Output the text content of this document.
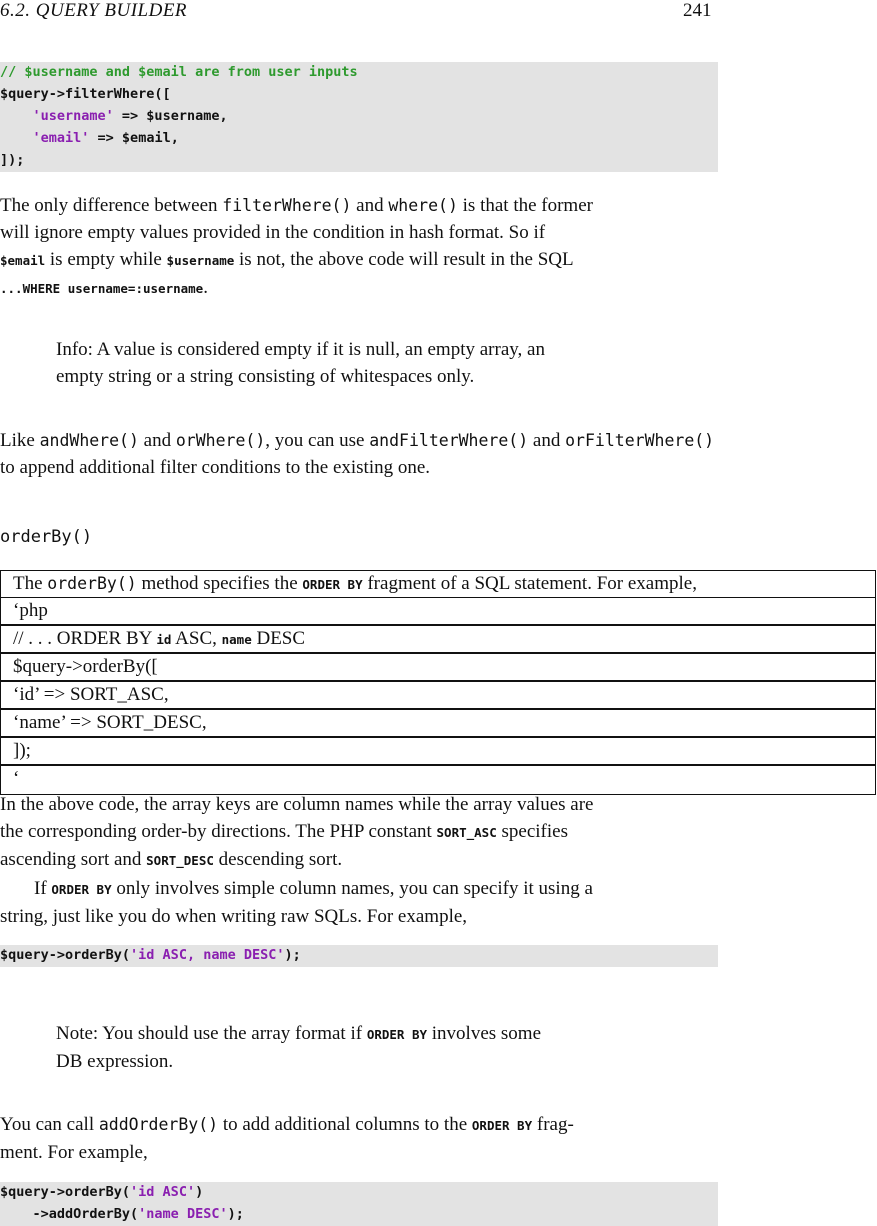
6.2. QUERY BUILDER	241
// $username and $email are from user inputs
$query->filterWhere([
'username' => $username,
'email' => $email,
]);
The only difference between filterWhere() and where() is that the former
will ignore empty values provided in the condition in hash format. So if
$email is empty while $username is not, the above code will result in the SQL
...WHERE username=:username.
Info: A value is considered empty if it is null, an empty array, an
empty string or a string consisting of whitespaces only.
Like andWhere() and orWhere(), you can use andFilterWhere() and orFilterWhere()
to append additional filter conditions to the existing one.
orderBy()
The orderBy() method specifies the ORDER BY fragment of a SQL statement. For example,
‘php
// . . . ORDER BY id ASC, name DESC
$query->orderBy([
‘id’ => SORT_ASC,
‘name’ => SORT_DESC,
]);
‘
In the above code, the array keys are column names while the array values are
the corresponding order-by directions. The PHP constant SORT_ASC specifies
ascending sort and SORT_DESC descending sort.
If ORDER BY only involves simple column names, you can specify it using a
string, just like you do when writing raw SQLs. For example,
$query->orderBy('id ASC, name DESC');
Note: You should use the array format if ORDER BY involves some
DB expression.
You can call addOrderBy() to add additional columns to the ORDER BY frag-
ment. For example,
$query->orderBy('id ASC')
->addOrderBy('name DESC');
